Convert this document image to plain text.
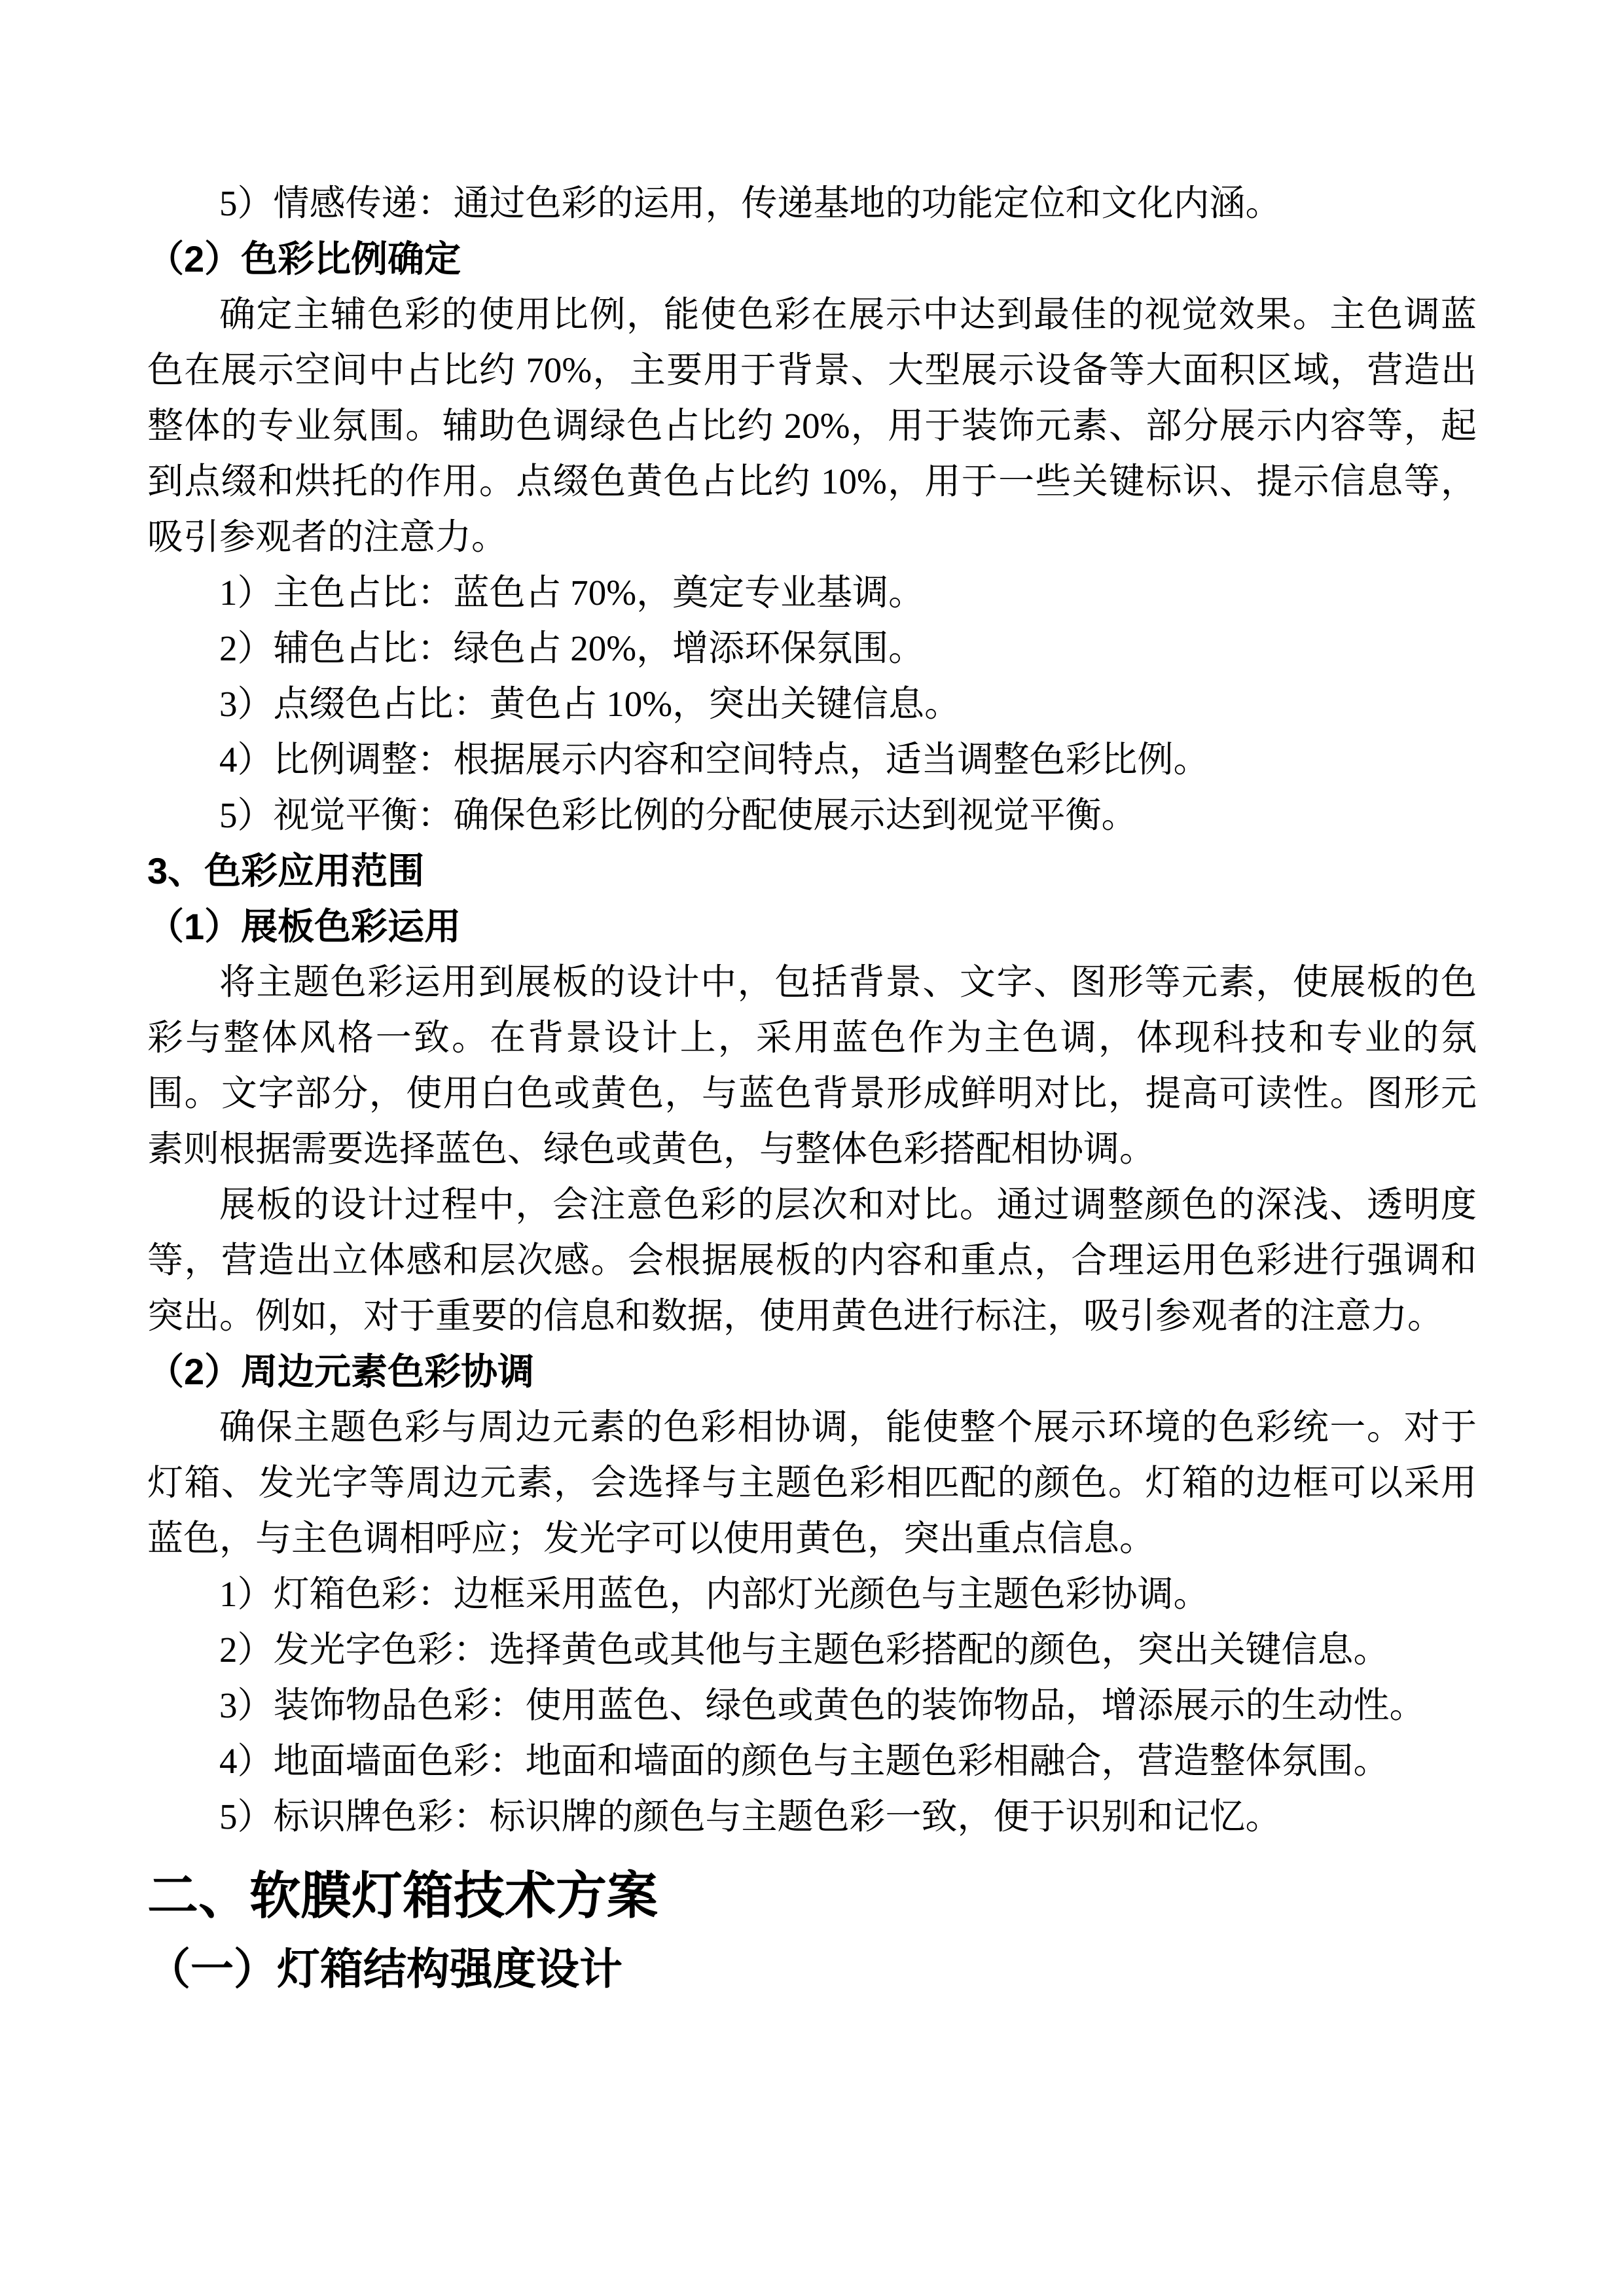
5）情感传递：通过色彩的运用，传递基地的功能定位和文化内涵。

（2）色彩比例确定

确定主辅色彩的使用比例，能使色彩在展示中达到最佳的视觉效果。主色调蓝色在展示空间中占比约 70%，主要用于背景、大型展示设备等大面积区域，营造出整体的专业氛围。辅助色调绿色占比约 20%，用于装饰元素、部分展示内容等，起到点缀和烘托的作用。点缀色黄色占比约 10%，用于一些关键标识、提示信息等，吸引参观者的注意力。

1）主色占比：蓝色占 70%，奠定专业基调。

2）辅色占比：绿色占 20%，增添环保氛围。

3）点缀色占比：黄色占 10%，突出关键信息。

4）比例调整：根据展示内容和空间特点，适当调整色彩比例。

5）视觉平衡：确保色彩比例的分配使展示达到视觉平衡。

3、色彩应用范围
（1）展板色彩运用

将主题色彩运用到展板的设计中，包括背景、文字、图形等元素，使展板的色彩与整体风格一致。在背景设计上，采用蓝色作为主色调，体现科技和专业的氛围。文字部分，使用白色或黄色，与蓝色背景形成鲜明对比，提高可读性。图形元素则根据需要选择蓝色、绿色或黄色，与整体色彩搭配相协调。

展板的设计过程中，会注意色彩的层次和对比。通过调整颜色的深浅、透明度等，营造出立体感和层次感。会根据展板的内容和重点，合理运用色彩进行强调和突出。例如，对于重要的信息和数据，使用黄色进行标注，吸引参观者的注意力。

（2）周边元素色彩协调

确保主题色彩与周边元素的色彩相协调，能使整个展示环境的色彩统一。对于灯箱、发光字等周边元素，会选择与主题色彩相匹配的颜色。灯箱的边框可以采用蓝色，与主色调相呼应；发光字可以使用黄色，突出重点信息。

1）灯箱色彩：边框采用蓝色，内部灯光颜色与主题色彩协调。

2）发光字色彩：选择黄色或其他与主题色彩搭配的颜色，突出关键信息。

3）装饰物品色彩：使用蓝色、绿色或黄色的装饰物品，增添展示的生动性。

4）地面墙面色彩：地面和墙面的颜色与主题色彩相融合，营造整体氛围。

5）标识牌色彩：标识牌的颜色与主题色彩一致，便于识别和记忆。

二、软膜灯箱技术方案
（一）灯箱结构强度设计
